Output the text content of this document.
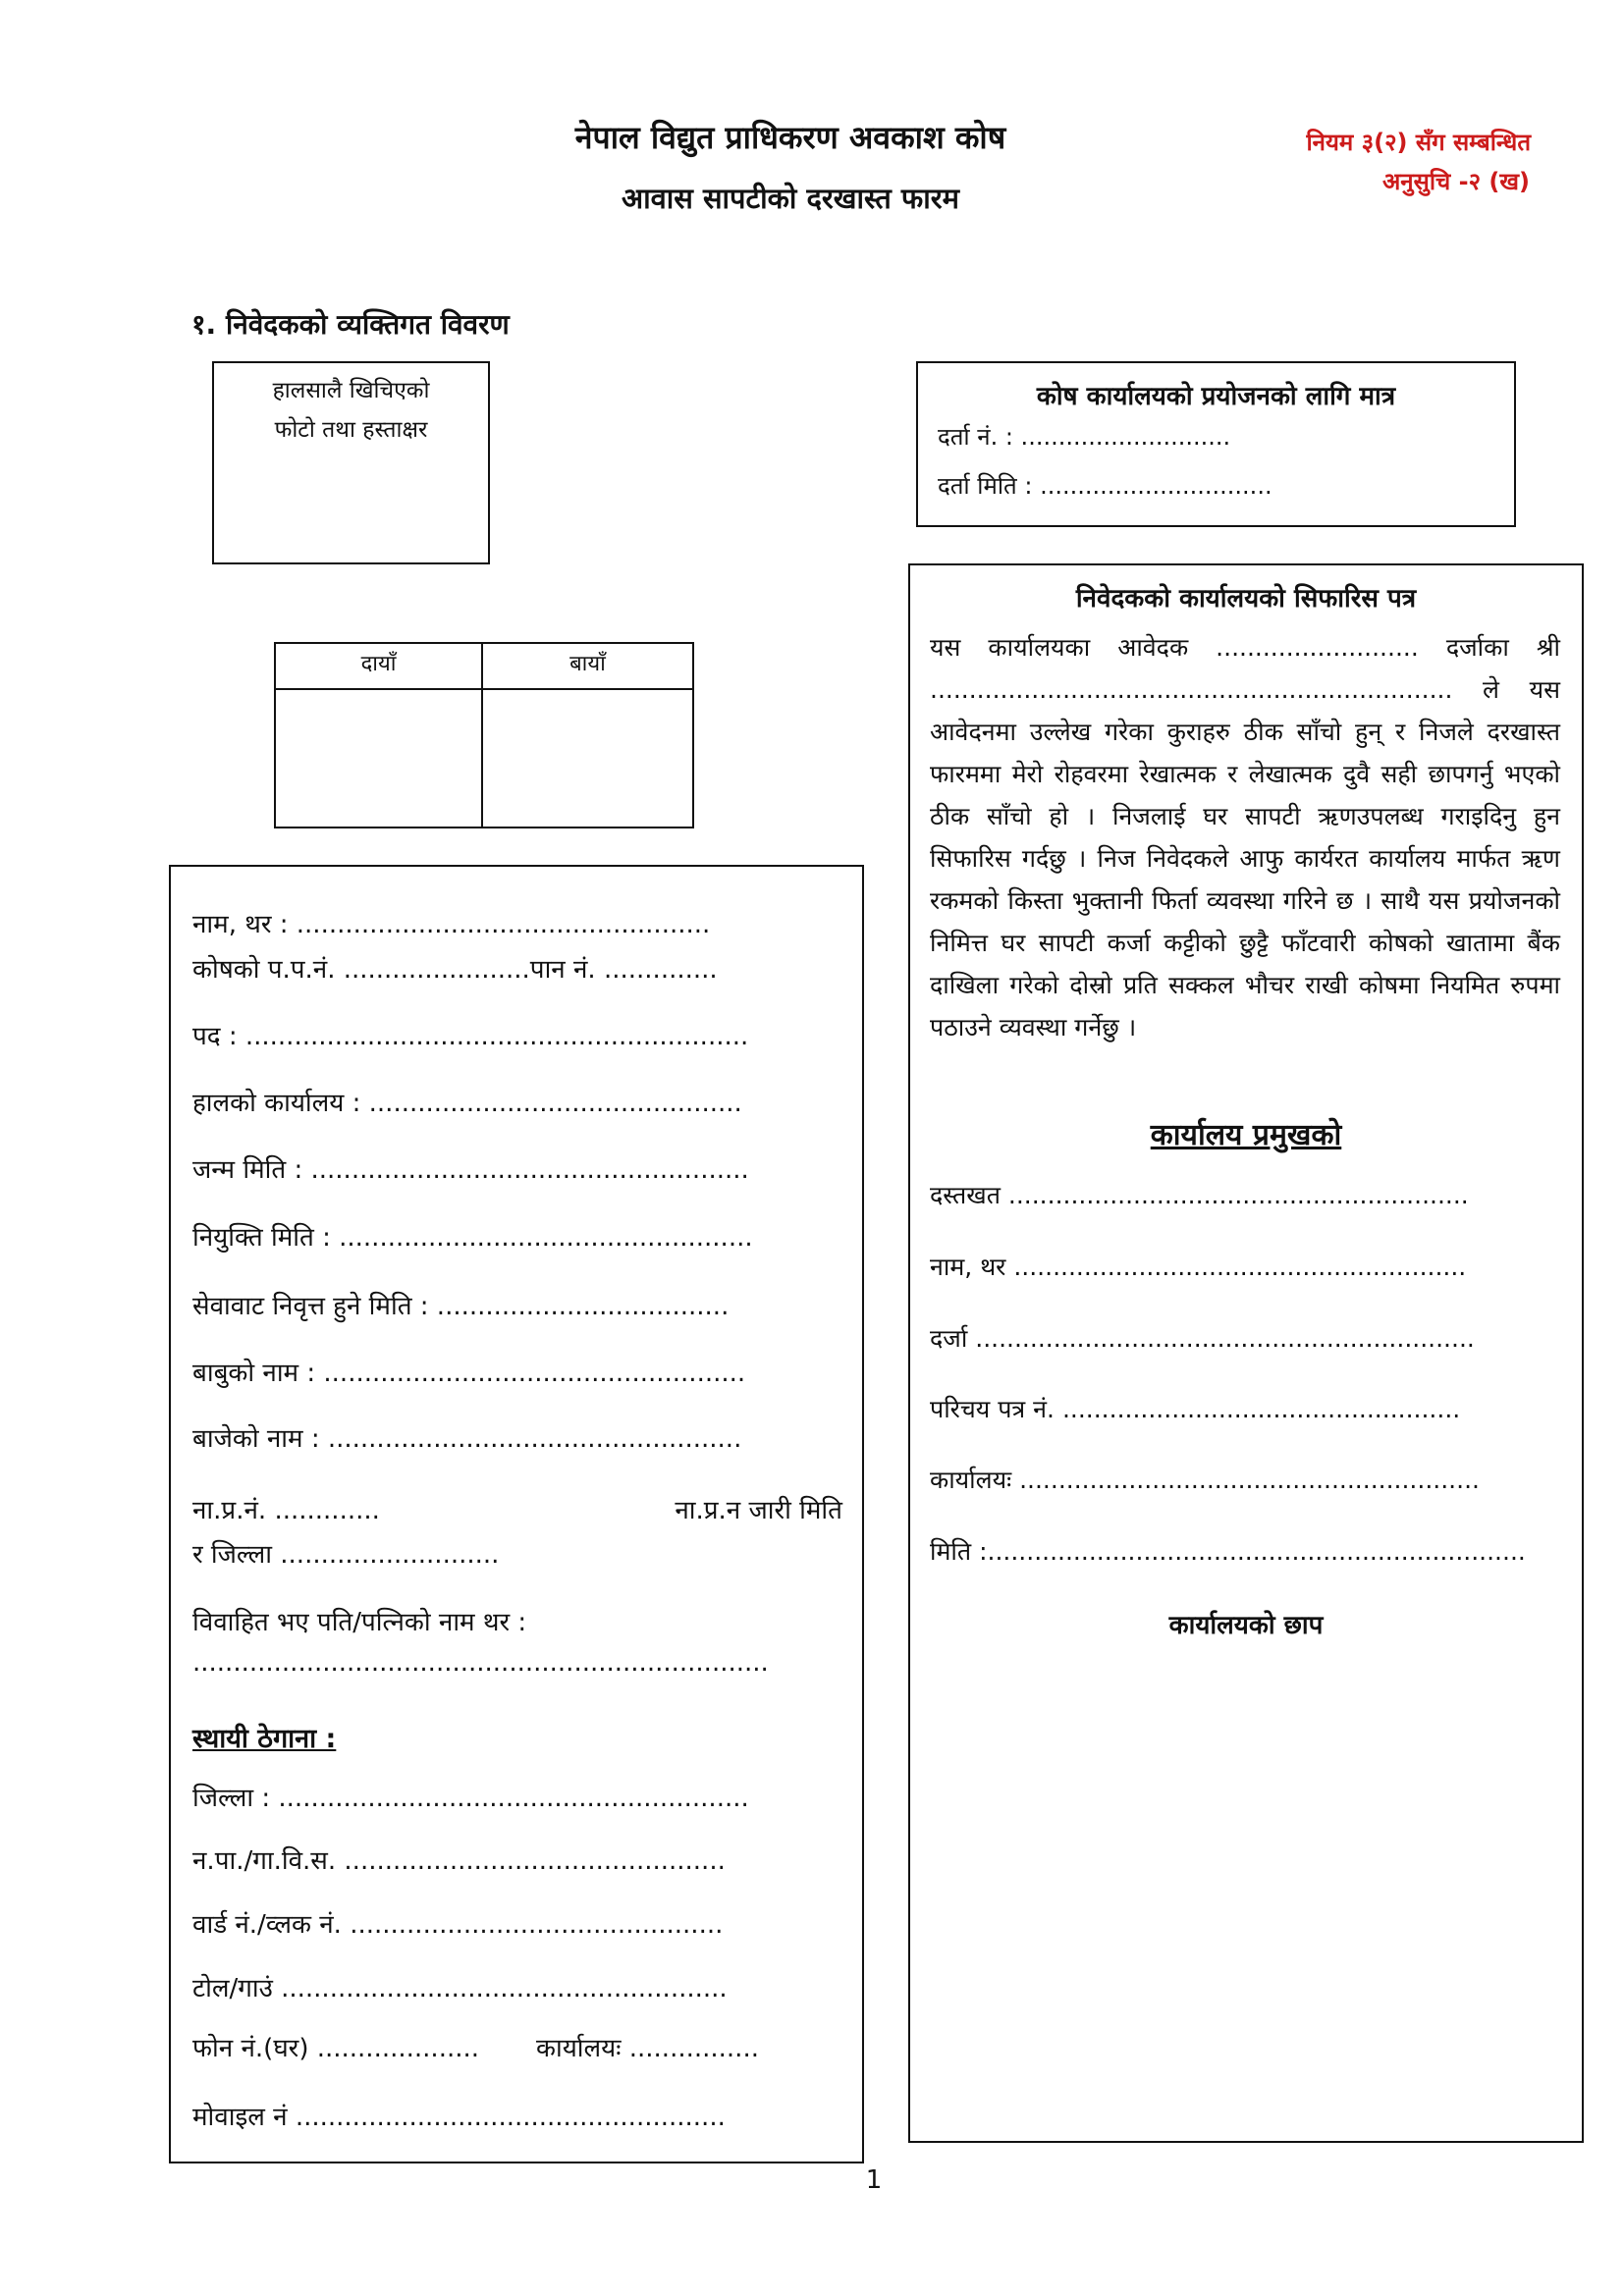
नेपाल विद्युत प्राधिकरण अवकाश कोष
आवास सापटीको दरखास्त फारम
नियम ३(२) सँग सम्बन्धित
अनुसुचि -२ (ख)
१. निवेदकको व्यक्तिगत विवरण
हालसालै खिचिएको
फोटो तथा हस्ताक्षर
दायाँ	बायाँ

कोष कार्यालयको प्रयोजनको लागि मात्र
दर्ता नं. : ............................
दर्ता मिति : ...............................
नाम, थर : ...................................................
कोषको प.प.नं. .......................पान नं. ..............
पद : ..............................................................
हालको कार्यालय : ..............................................
जन्म मिति : ......................................................
नियुक्ति मिति : ...................................................
सेवावाट निवृत्त हुने मिति : ....................................
बाबुको नाम : ....................................................
बाजेको नाम : ...................................................
ना.प्र.नं. .............	ना.प्र.न जारी मिति
र जिल्ला ...........................
विवाहित भए पति/पत्निको नाम थर :
.......................................................................
स्थायी ठेगाना :
जिल्ला : ..........................................................
न.पा./गा.वि.स. ...............................................
वार्ड नं./व्लक नं. ..............................................
टोल/गाउं .......................................................
फोन नं.(घर) .................... कार्यालयः ................
मोवाइल नं .....................................................
निवेदकको कार्यालयको सिफारिस पत्र
यस कार्यालयका आवेदक .......................... दर्जाका श्री ................................................................... ले यस आवेदनमा उल्लेख गरेका कुराहरु ठीक साँचो हुन् र निजले दरखास्त फारममा मेरो रोहवरमा रेखात्मक र लेखात्मक दुवै सही छापगर्नु भएको ठीक साँचो हो । निजलाई घर सापटी ऋणउपलब्ध गराइदिनु हुन सिफारिस गर्दछु । निज निवेदकले आफु कार्यरत कार्यालय मार्फत ऋण रकमको किस्ता भुक्तानी फिर्ता व्यवस्था गरिने छ । साथै यस प्रयोजनको निमित्त घर सापटी कर्जा कट्टीको छुट्टै फाँटवारी कोषको खातामा बैंक दाखिला गरेको दोस्रो प्रति सक्कल भौचर राखी कोषमा नियमित रुपमा पठाउने व्यवस्था गर्नेछु ।
कार्यालय प्रमुखको
दस्तखत ...........................................................
नाम, थर ..........................................................
दर्जा ................................................................
परिचय पत्र नं. ...................................................
कार्यालयः ...........................................................
मिति :.....................................................................
कार्यालयको छाप
1
